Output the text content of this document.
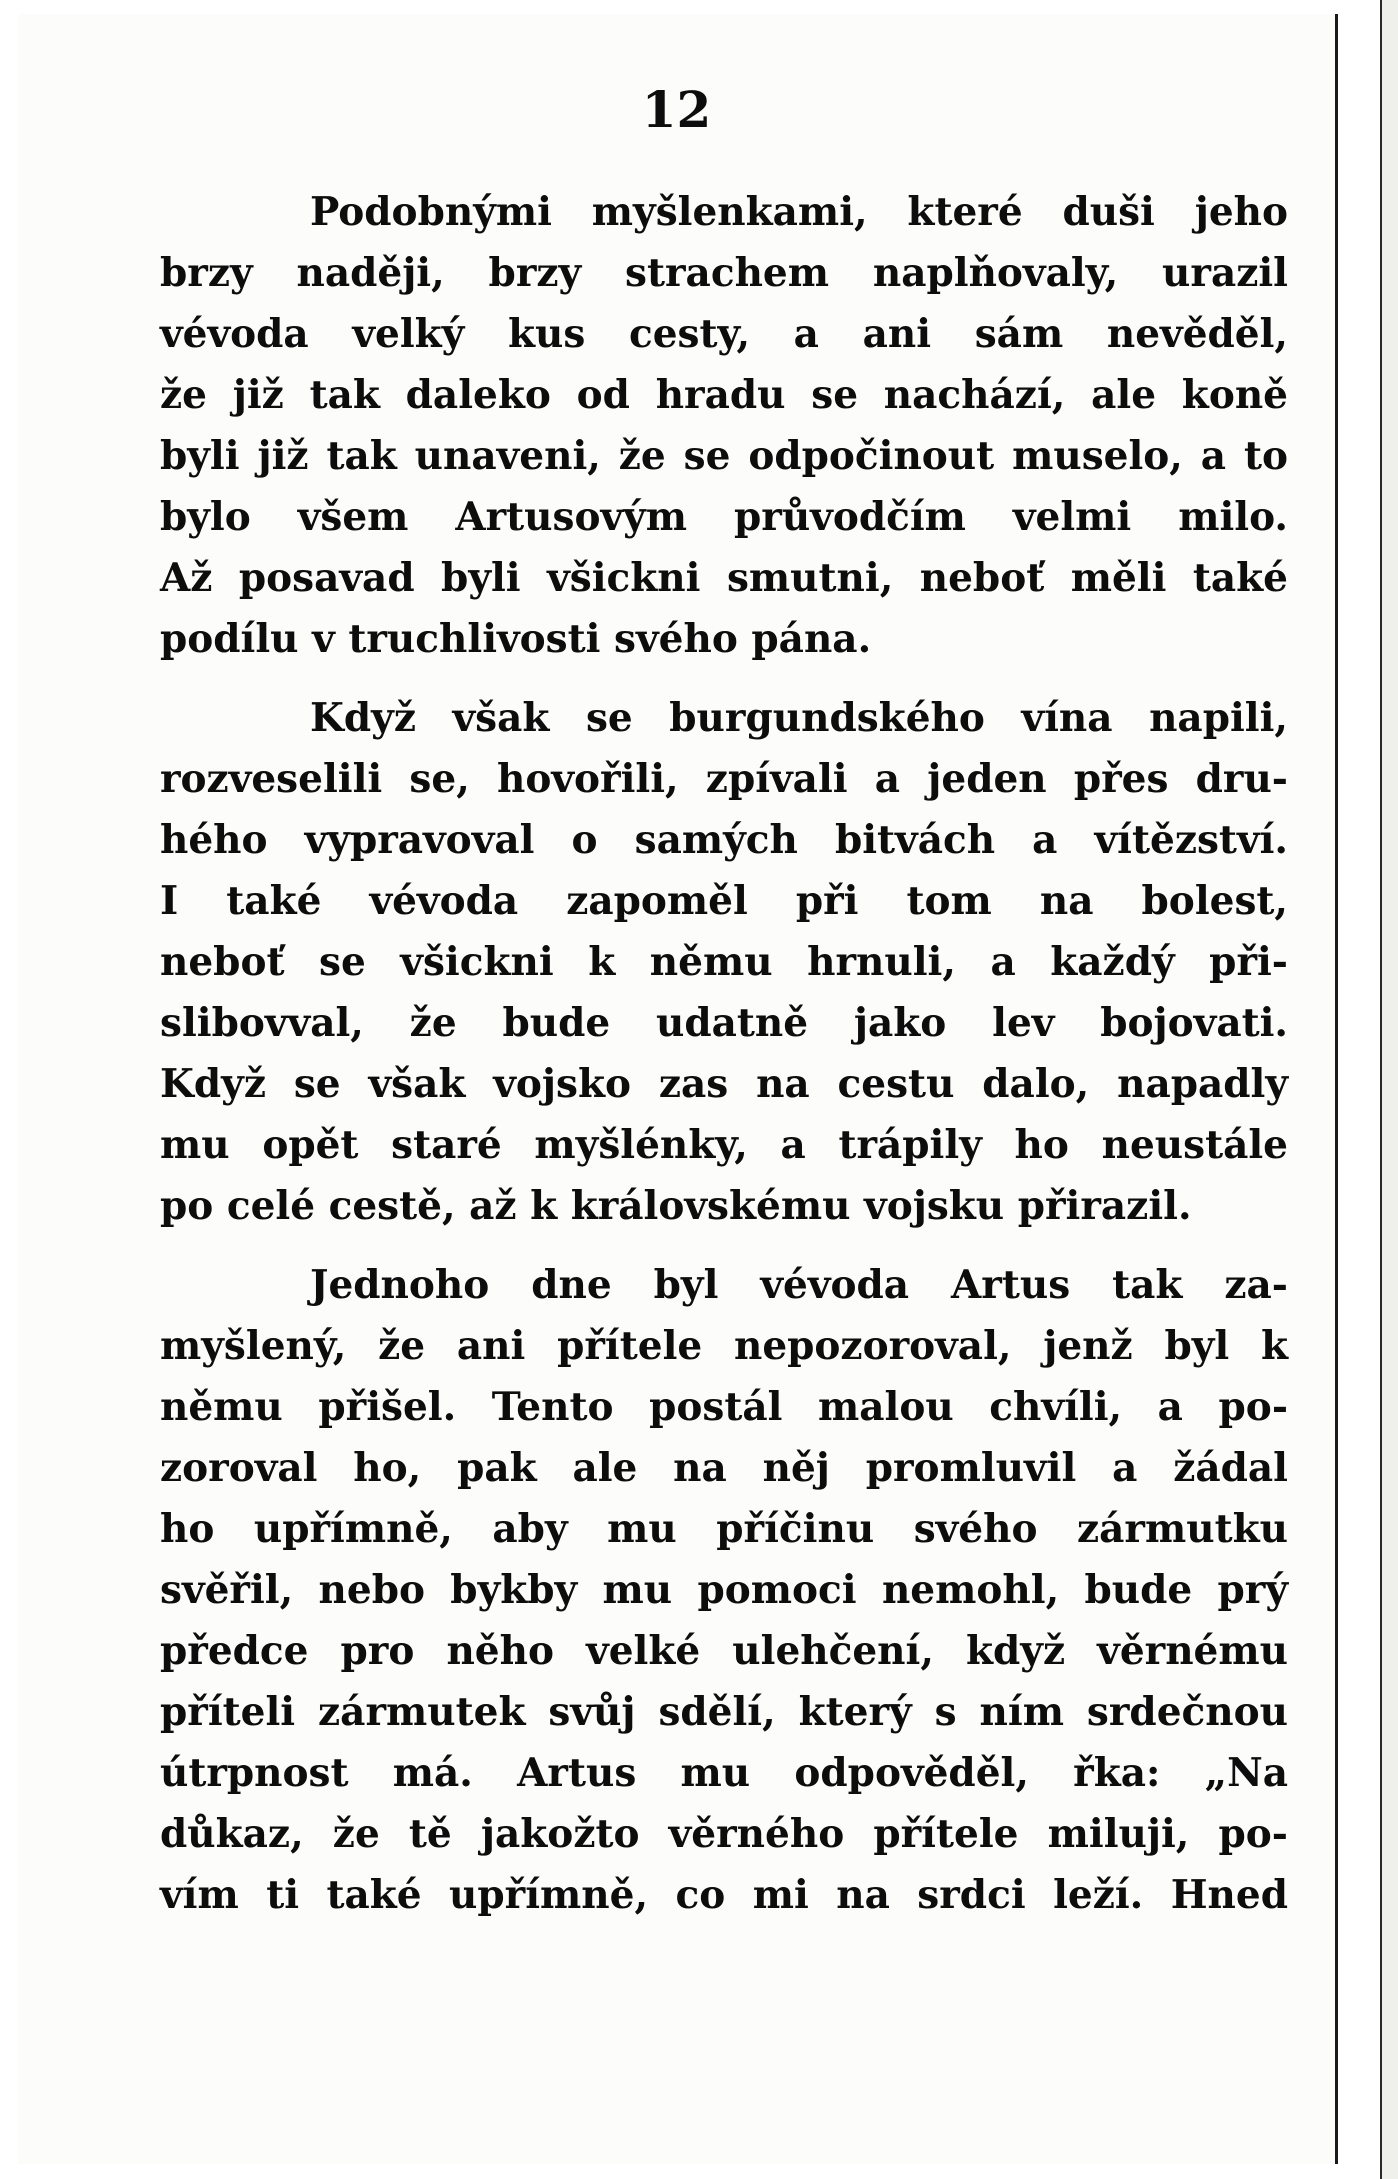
12

Podobnými myšlenkami, které duši jeho
brzy naději, brzy strachem naplňovaly, urazil
vévoda velký kus cesty, a ani sám nevěděl,
že již tak daleko od hradu se nachází, ale koně
byli již tak unaveni, že se odpočinout muselo, a to
bylo všem Artusovým průvodčím velmi milo.
Až posavad byli všickni smutni, neboť měli také
podílu v truchlivosti svého pána.

Když však se burgundského vína napili,
rozveselili se, hovořili, zpívali a jeden přes dru-
hého vypravoval o samých bitvách a vítězství.
I také vévoda zapoměl při tom na bolest,
neboť se všickni k němu hrnuli, a každý při-
slibovval, že bude udatně jako lev bojovati.
Když se však vojsko zas na cestu dalo, napadly
mu opět staré myšlénky, a trápily ho neustále
po celé cestě, až k královskému vojsku přirazil.

Jednoho dne byl vévoda Artus tak za-
myšlený, že ani přítele nepozoroval, jenž byl k
němu přišel. Tento postál malou chvíli, a po-
zoroval ho, pak ale na něj promluvil a žádal
ho upřímně, aby mu příčinu svého zármutku
svěřil, nebo bykby mu pomoci nemohl, bude prý
předce pro něho velké ulehčení, když věrnému
příteli zármutek svůj sdělí, který s ním srdečnou
útrpnost má. Artus mu odpověděl, řka: „Na
důkaz, že tě jakožto věrného přítele miluji, po-
vím ti také upřímně, co mi na srdci leží. Hned
